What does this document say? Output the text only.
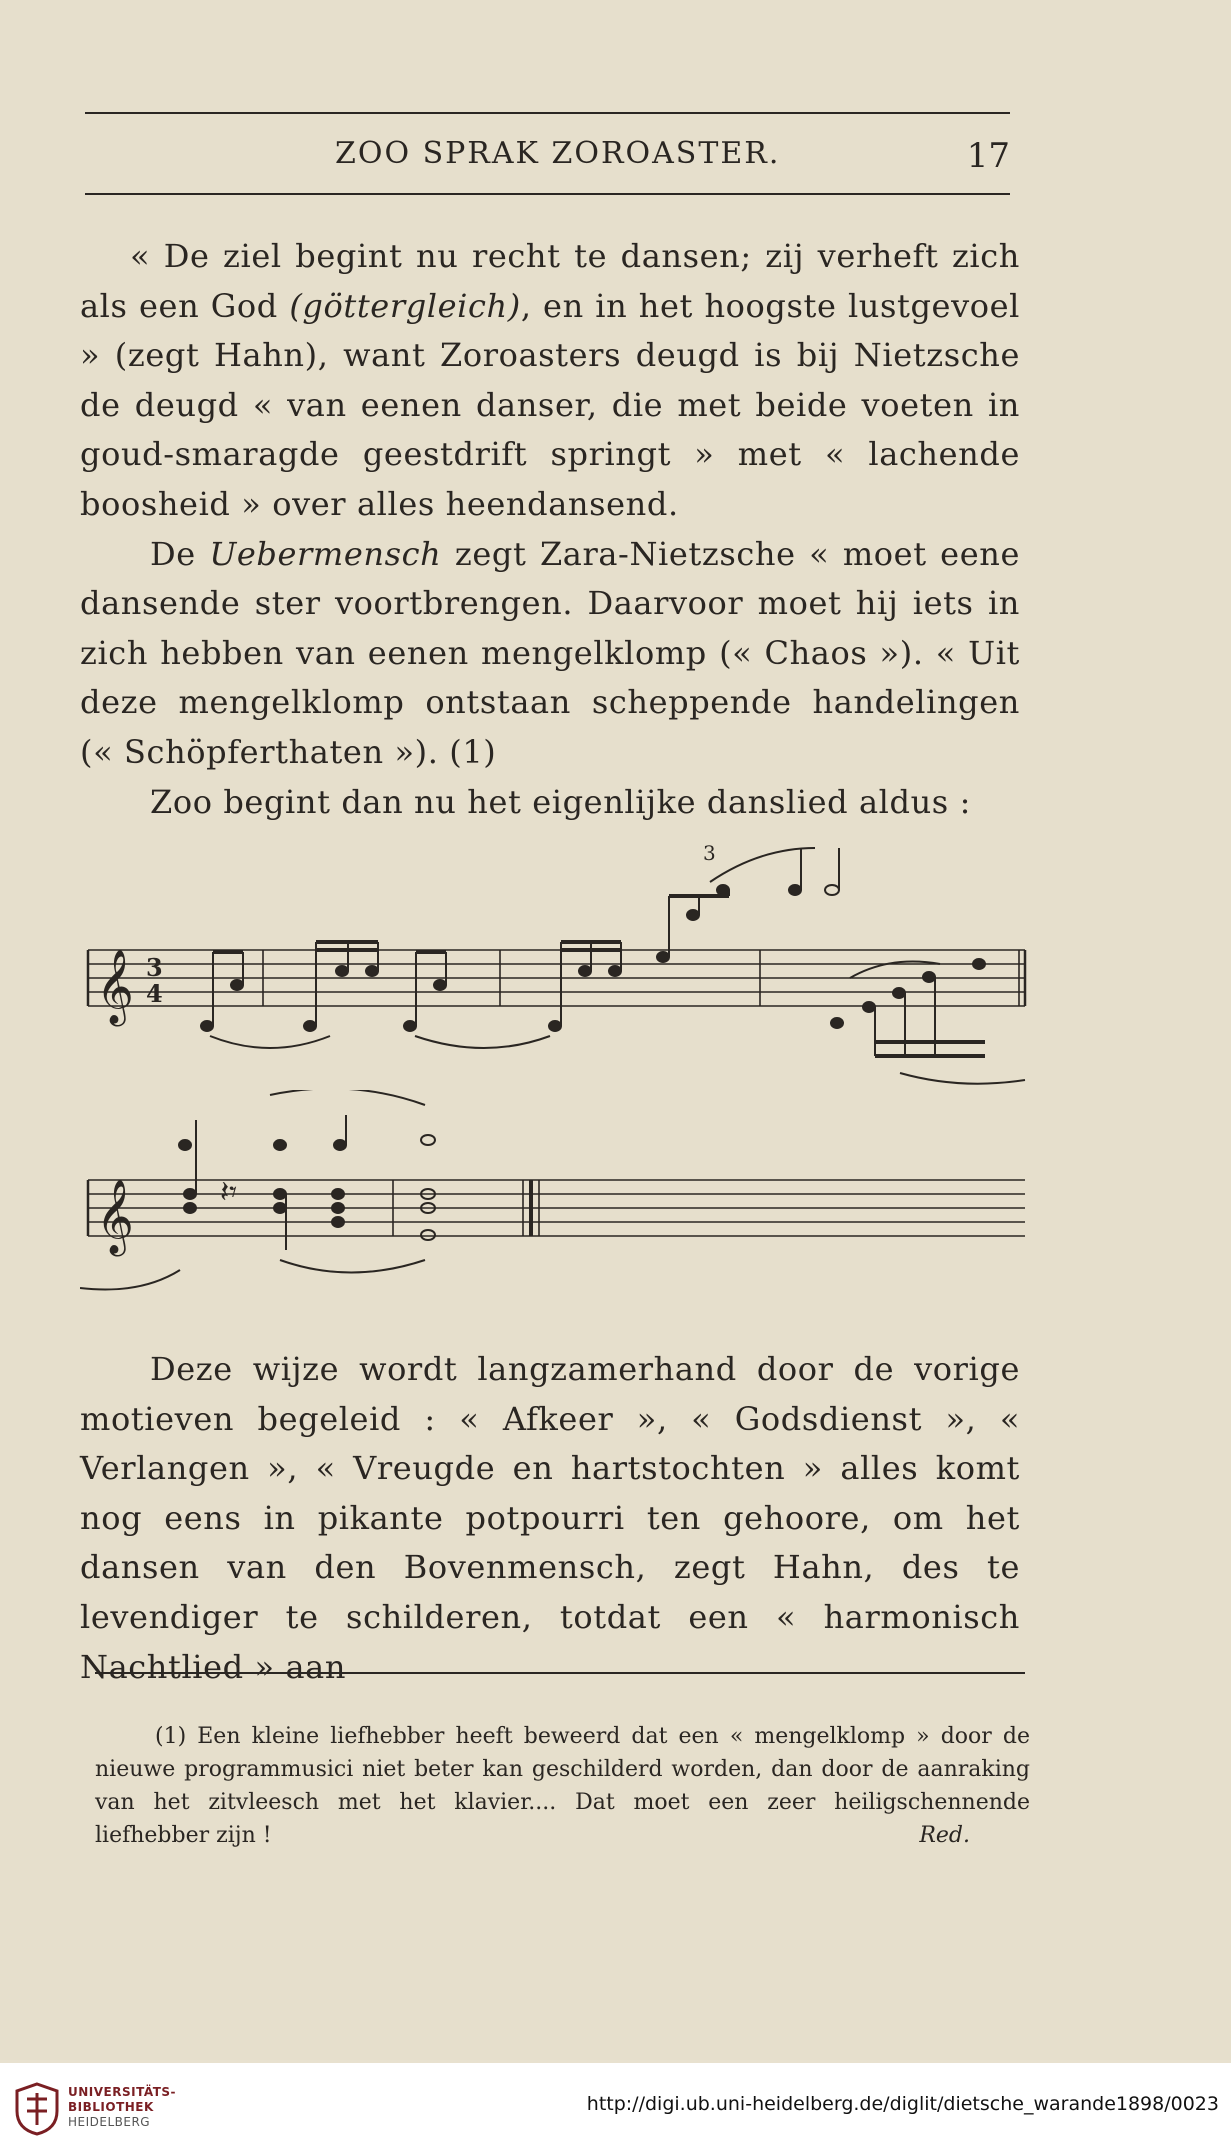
ZOO SPRAK ZOROASTER.	17

« De ziel begint nu recht te dansen; zij verheft zich als een God (göttergleich), en in het hoogste lustgevoel » (zegt Hahn), want Zoroasters deugd is bij Nietzsche de deugd « van eenen danser, die met beide voeten in goud-smaragde geestdrift springt » met « lachende boosheid » over alles heendansend.

De Uebermensch zegt Zara-Nietzsche « moet eene dansende ster voortbrengen. Daarvoor moet hij iets in zich hebben van eenen mengelklomp (« Chaos »). « Uit deze mengelklomp ontstaan scheppende handelingen (« Schöpferthaten »). (1)

Zoo begint dan nu het eigenlijke danslied aldus :

𝄞 3
4
3
𝄞	𝄽𝄾

Deze wijze wordt langzamerhand door de vorige motieven begeleid : « Afkeer », « Godsdienst », « Verlangen », « Vreugde en hartstochten » alles komt nog eens in pikante potpourri ten gehoore, om het dansen van den Bovenmensch, zegt Hahn, des te levendiger te schilderen, totdat een « harmonisch Nachtlied » aan

(1) Een kleine liefhebber heeft beweerd dat een « mengelklomp » door de nieuwe programmusici niet beter kan geschilderd worden, dan door de aanraking van het zitvleesch met het klavier.... Dat moet een zeer heiligschennende liefhebber zijn !	Red.

UNIVERSITÄTS-
BIBLIOTHEK
HEIDELBERG
http://digi.ub.uni-heidelberg.de/diglit/dietsche_warande1898/0023
